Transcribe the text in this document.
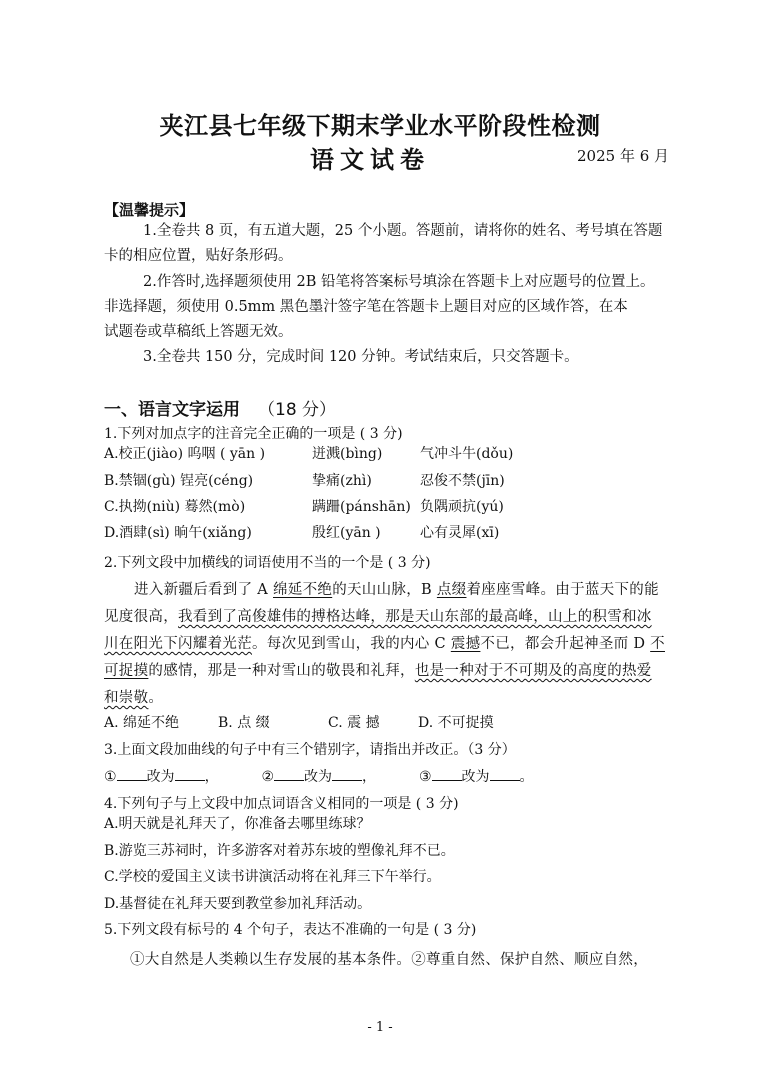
夹江县七年级下期末学业水平阶段性检测
语文试卷	2025 年 6 月
【温馨提示】
1.全卷共 8 页，有五道大题，25 个小题。答题前，请将你的姓名、考号填在答题
卡的相应位置，贴好条形码。
2.作答时,选择题须使用 2B 铅笔将答案标号填涂在答题卡上对应题号的位置上。
非选择题，须使用 0.5mm 黑色墨汁签字笔在答题卡上题目对应的区域作答，在本
试题卷或草稿纸上答题无效。
3.全卷共 150 分，完成时间 120 分钟。考试结束后，只交答题卡。
一、语言文字运用 （18 分）
1.下列对加点字的注音完全正确的一项是 ( 3 分)
A.校正(jiào) 呜咽 ( yān )	迸溅(bìng)	气冲斗牛(dǒu)
B.禁锢(gù) 锃亮(céng)	挚痛(zhì)	忍俊不禁(jīn)
C.执拗(niù) 蓦然(mò)	蹒跚(pánshān) 负隅顽抗(yú)
D.酒肆(sì) 晌午(xiǎng)	殷红(yān )	心有灵犀(xī)
2.下列文段中加横线的词语使用不当的一个是 ( 3 分)
进入新疆后看到了 A 绵延不绝的天山山脉，B 点缀着座座雪峰。由于蓝天下的能
见度很高，我看到了高俊雄伟的搏格达峰，那是天山东部的最高峰，山上的积雪和冰
川在阳光下闪耀着光茫。每次见到雪山，我的内心 C 震撼不已，都会升起神圣而 D 不
可捉摸的感情，那是一种对雪山的敬畏和礼拜，也是一种对于不可期及的高度的热爱
和崇敬。
A. 绵延不绝	B. 点 缀	C. 震 撼	D. 不可捉摸
3.上面文段加曲线的句子中有三个错别字，请指出并改正。（3 分）
① 改为 ，	② 改为 ，	③ 改为 。
4.下列句子与上文段中加点词语含义相同的一项是 ( 3 分)
A.明天就是礼拜天了，你准备去哪里练球？
B.游览三苏祠时，许多游客对着苏东坡的塑像礼拜不已。
C.学校的爱国主义读书讲演活动将在礼拜三下午举行。
D.基督徒在礼拜天要到教堂参加礼拜活动。
5.下列文段有标号的 4 个句子，表达不准确的一句是 ( 3 分)
①大自然是人类赖以生存发展的基本条件。②尊重自然、保护自然、顺应自然，
- 1 -
